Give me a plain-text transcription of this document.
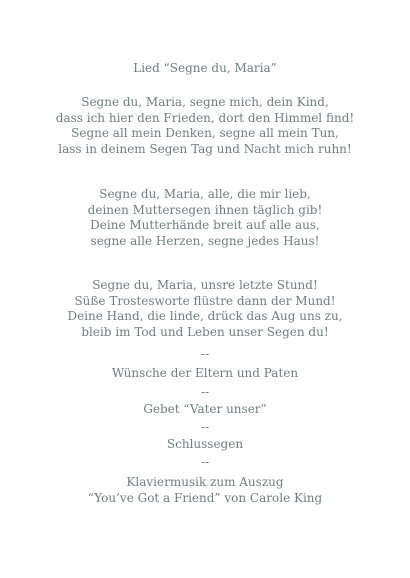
Lied “Segne du, Maria”
Segne du, Maria, segne mich, dein Kind,
dass ich hier den Frieden, dort den Himmel find!
Segne all mein Denken, segne all mein Tun,
lass in deinem Segen Tag und Nacht mich ruhn!
Segne du, Maria, alle, die mir lieb,
deinen Muttersegen ihnen täglich gib!
Deine Mutterhände breit auf alle aus,
segne alle Herzen, segne jedes Haus!
Segne du, Maria, unsre letzte Stund!
Süße Trostesworte flüstre dann der Mund!
Deine Hand, die linde, drück das Aug uns zu,
bleib im Tod und Leben unser Segen du!
--
Wünsche der Eltern und Paten
--
Gebet “Vater unser”
--
Schlussegen
--
Klaviermusik zum Auszug
“You’ve Got a Friend” von Carole King
